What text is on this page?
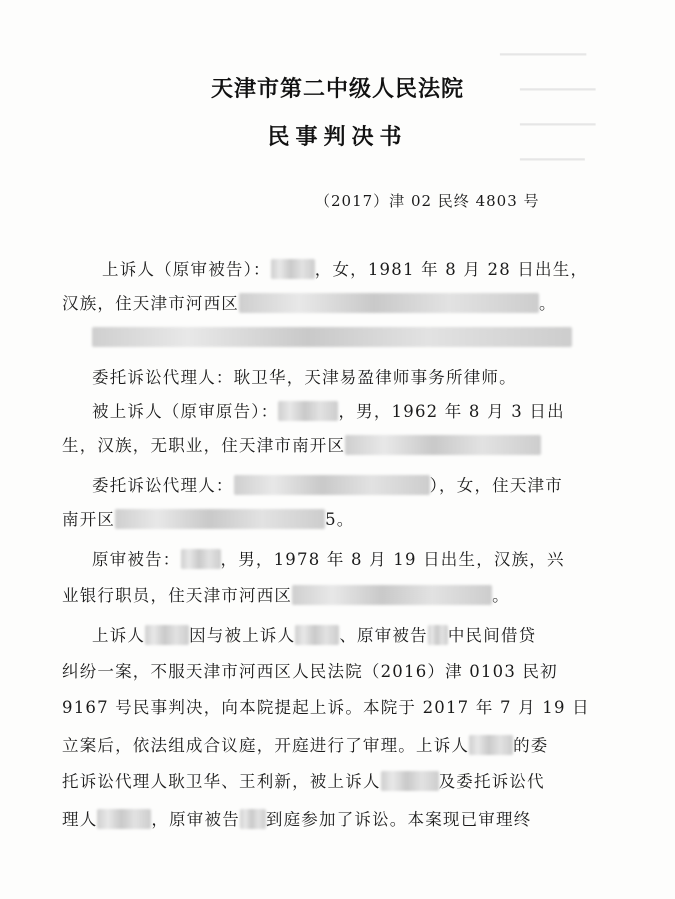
▁▁▁▁▁▁▁▁
▁▁▁▁▁▁▁
▁▁▁▁▁▁▁
▁▁▁▁▁▁
天津市第二中级人民法院
民事判决书
（2017）津 02 民终 4803 号
上诉人（原审被告）：	，女，1981 年 8 月 28 日出生，
汉族，住天津市河西区	。
委托诉讼代理人：耿卫华，天津易盈律师事务所律师。
被上诉人（原审原告）：	，男，1962 年 8 月 3 日出
生，汉族，无职业，住天津市南开区
委托诉讼代理人：	），女，住天津市
南开区	5。
原审被告： ，男，1978 年 8 月 19 日出生，汉族，兴
业银行职员，住天津市河西区	。
上诉人	因与被上诉人	、原审被告 中民间借贷
纠纷一案，不服天津市河西区人民法院（2016）津 0103 民初
9167 号民事判决，向本院提起上诉。本院于 2017 年 7 月 19 日
立案后，依法组成合议庭，开庭进行了审理。上诉人	的委
托诉讼代理人耿卫华、王利新，被上诉人	及委托诉讼代
理人	，原审被告 到庭参加了诉讼。本案现已审理终
